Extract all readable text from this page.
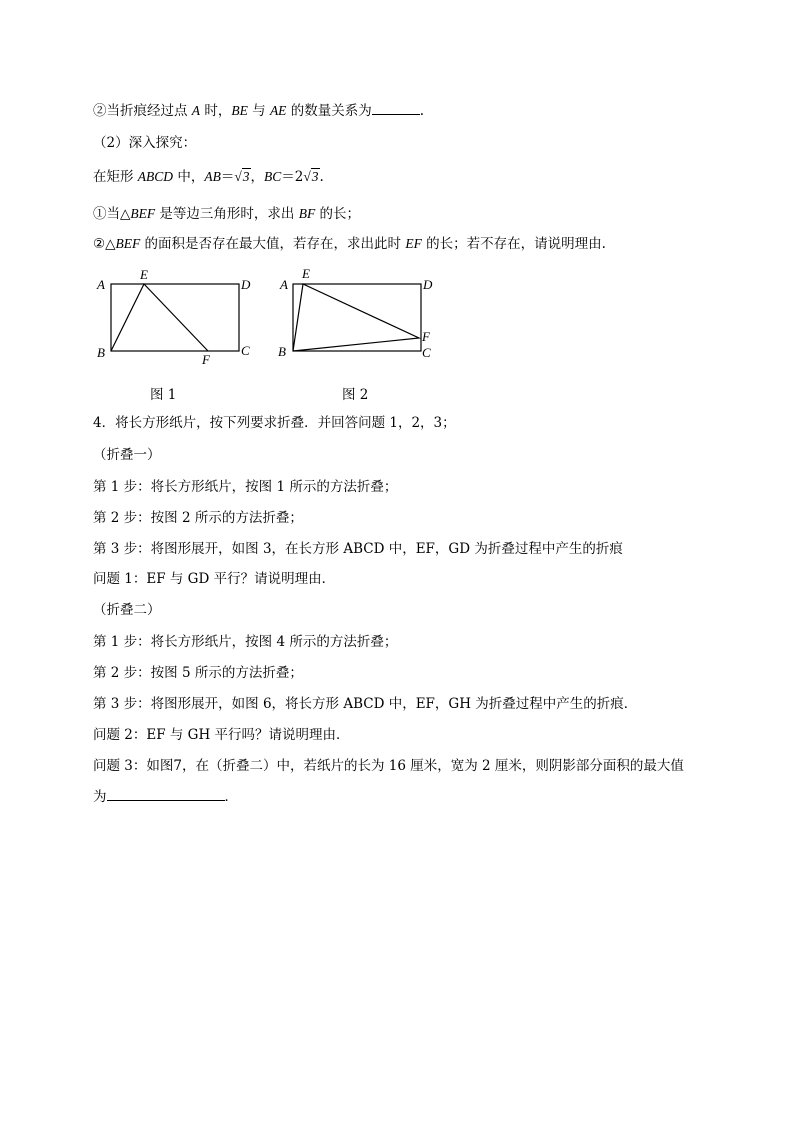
②当折痕经过点 A 时，BE 与 AE 的数量关系为	.
（2）深入探究：
在矩形 ABCD 中，AB＝√3，BC＝2√3.
①当△BEF 是等边三角形时，求出 BF 的长；
②△BEF 的面积是否存在最大值，若存在，求出此时 EF 的长；若不存在，请说明理由.
A
E
D
B	F
C
图 1
A
E
D
B
F
C
图 2
4．将长方形纸片，按下列要求折叠．并回答问题 1，2，3；
（折叠一）
第 1 步：将长方形纸片，按图 1 所示的方法折叠；
第 2 步：按图 2 所示的方法折叠；
第 3 步：将图形展开，如图 3，在长方形 ABCD 中，EF，GD 为折叠过程中产生的折痕
问题 1：EF 与 GD 平行？请说明理由．
（折叠二）
第 1 步：将长方形纸片，按图 4 所示的方法折叠；
第 2 步：按图 5 所示的方法折叠；
第 3 步：将图形展开，如图 6，将长方形 ABCD 中，EF，GH 为折叠过程中产生的折痕．
问题 2：EF 与 GH 平行吗？请说明理由．
问题 3：如图7，在（折叠二）中，若纸片的长为 16 厘米，宽为 2 厘米，则阴影部分面积的最大值
为	．
